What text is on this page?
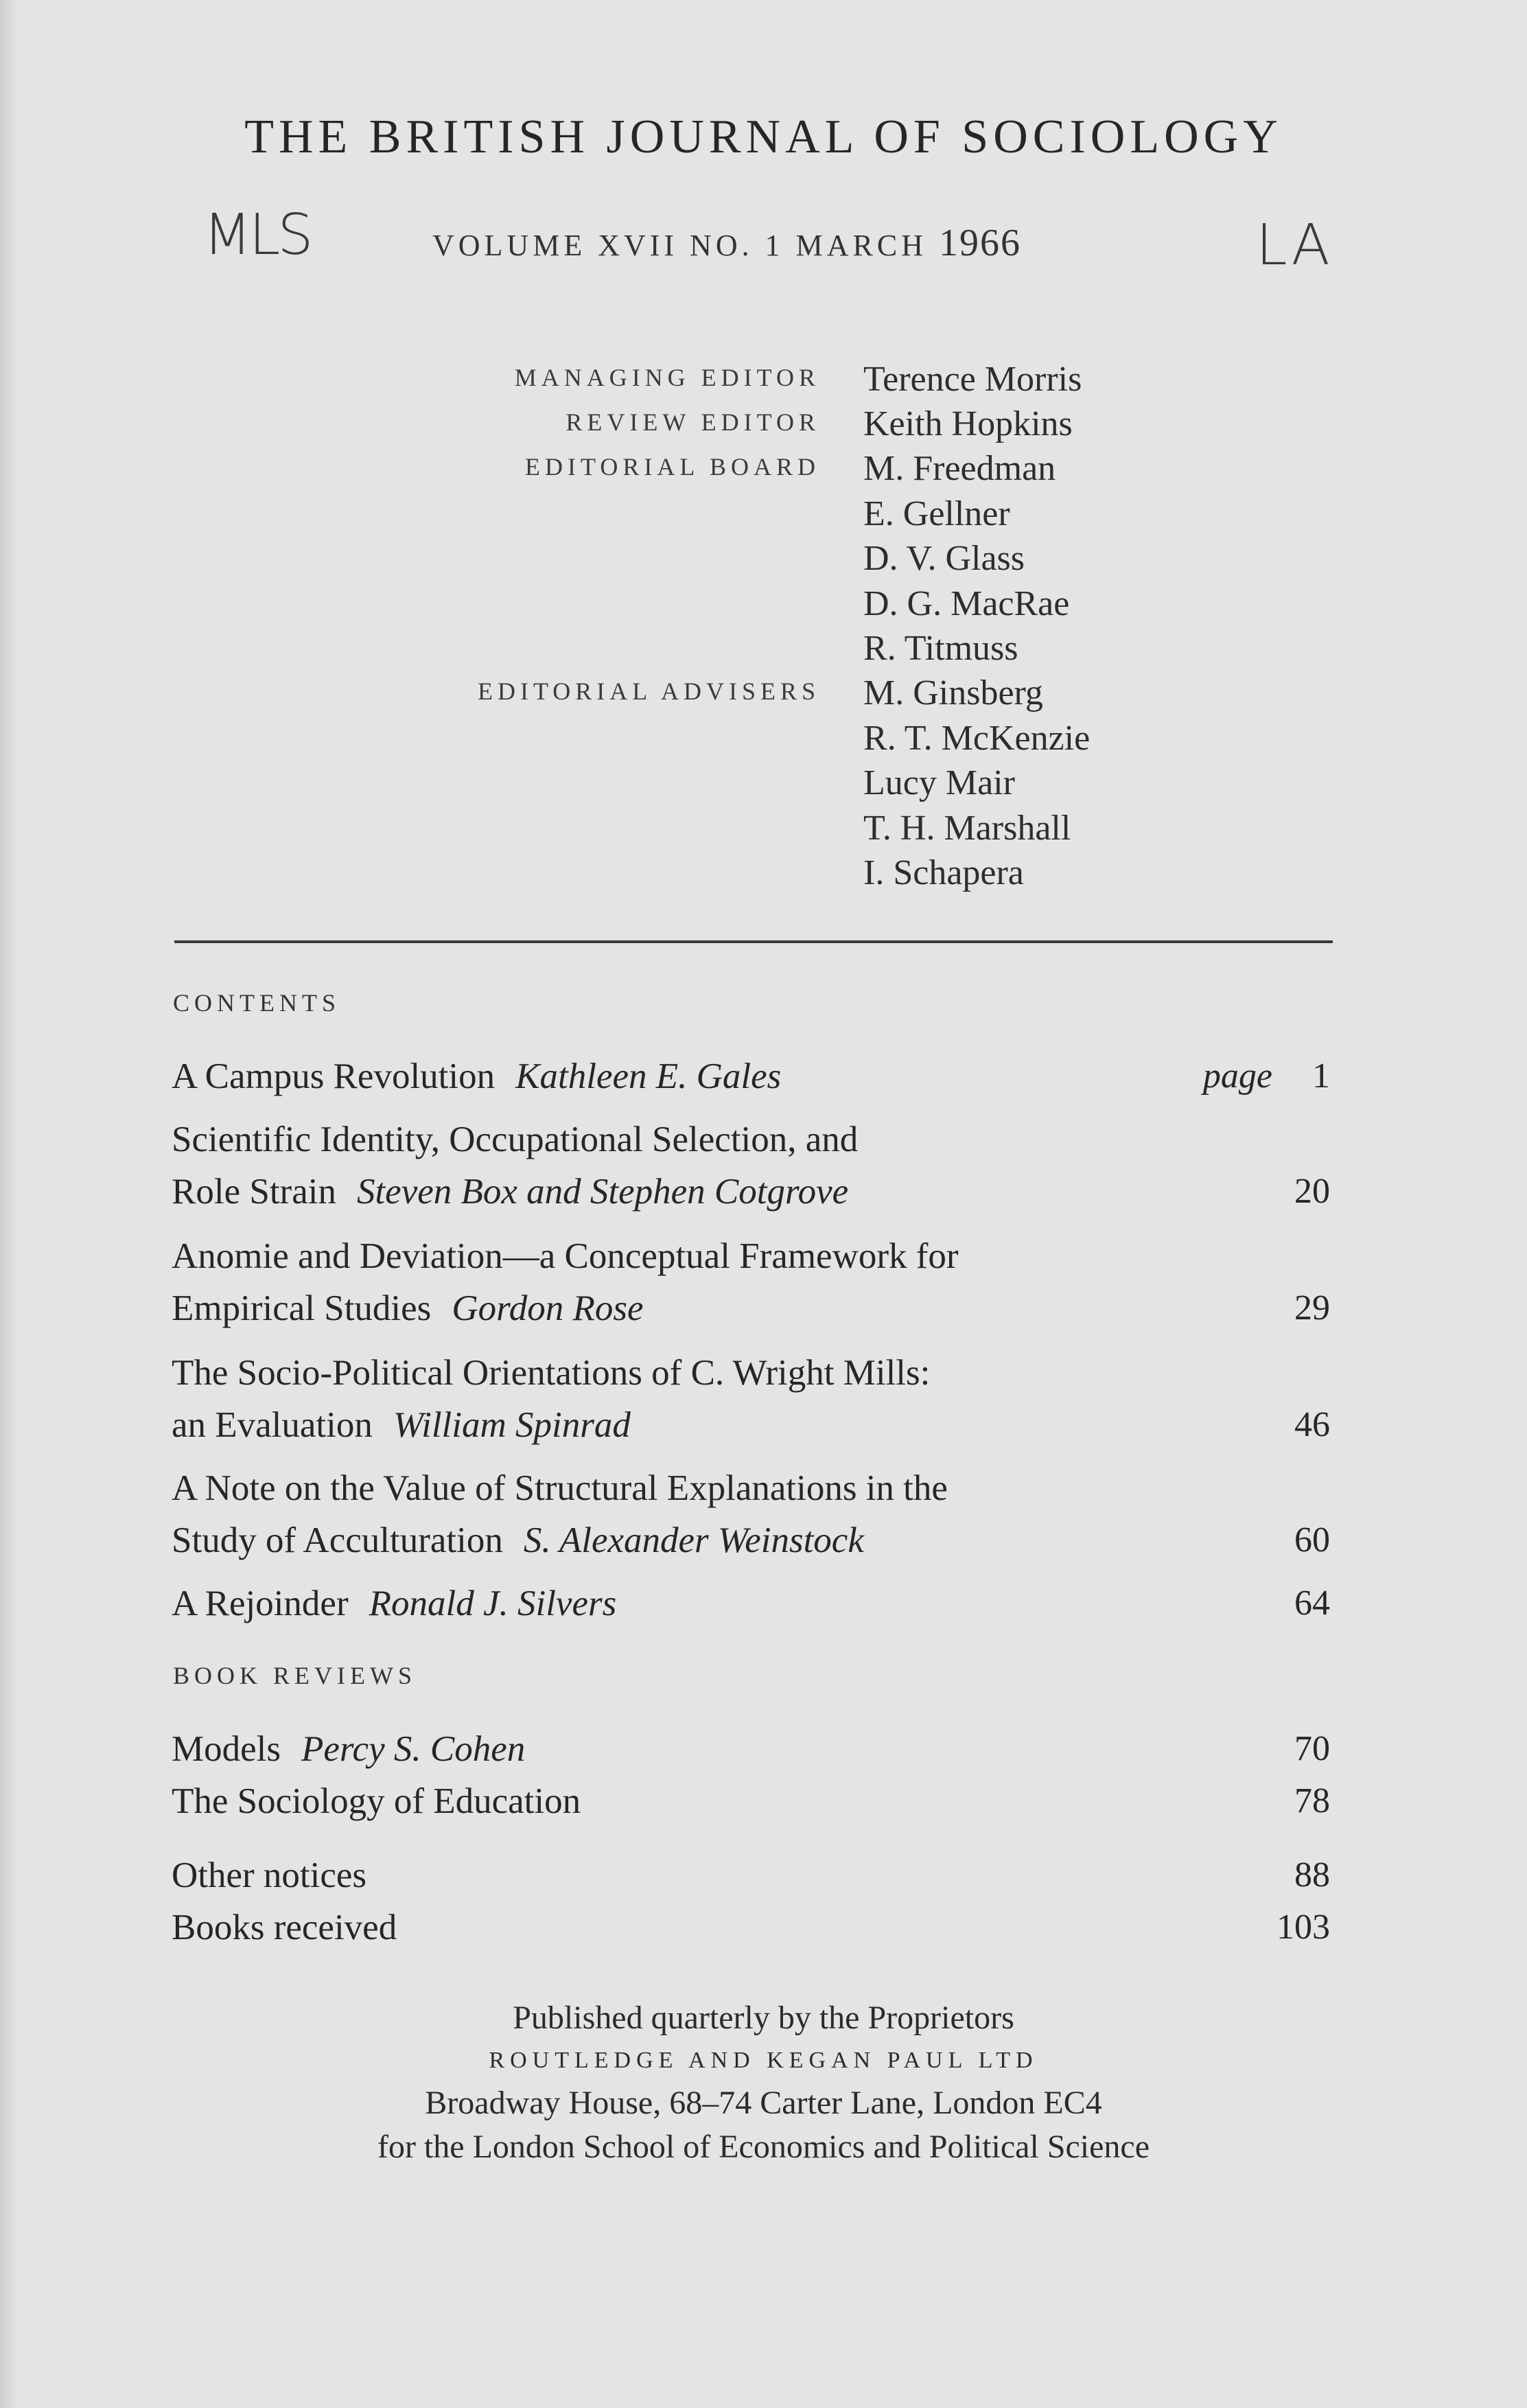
THE BRITISH JOURNAL OF SOCIOLOGY
MLS	LA
VOLUME XVII NO. 1 MARCH 1966
MANAGING EDITOR Terence Morris
REVIEW EDITOR Keith Hopkins
EDITORIAL BOARD M. Freedman
E. Gellner
D. V. Glass
D. G. MacRae
R. Titmuss
EDITORIAL ADVISERS M. Ginsberg
R. T. McKenzie
Lucy Mair
T. H. Marshall
I. Schapera
CONTENTS
A Campus Revolution Kathleen E. Gales	page 1
Scientific Identity, Occupational Selection, and
Role Strain Steven Box and Stephen Cotgrove	20
Anomie and Deviation—a Conceptual Framework for
Empirical Studies Gordon Rose	29
The Socio-Political Orientations of C. Wright Mills:
an Evaluation William Spinrad	46
A Note on the Value of Structural Explanations in the
Study of Acculturation S. Alexander Weinstock	60
A Rejoinder Ronald J. Silvers	64
BOOK REVIEWS
Models Percy S. Cohen	70
The Sociology of Education	78
Other notices	88
Books received	103
Published quarterly by the Proprietors
ROUTLEDGE AND KEGAN PAUL LTD
Broadway House, 68–74 Carter Lane, London EC4
for the London School of Economics and Political Science
